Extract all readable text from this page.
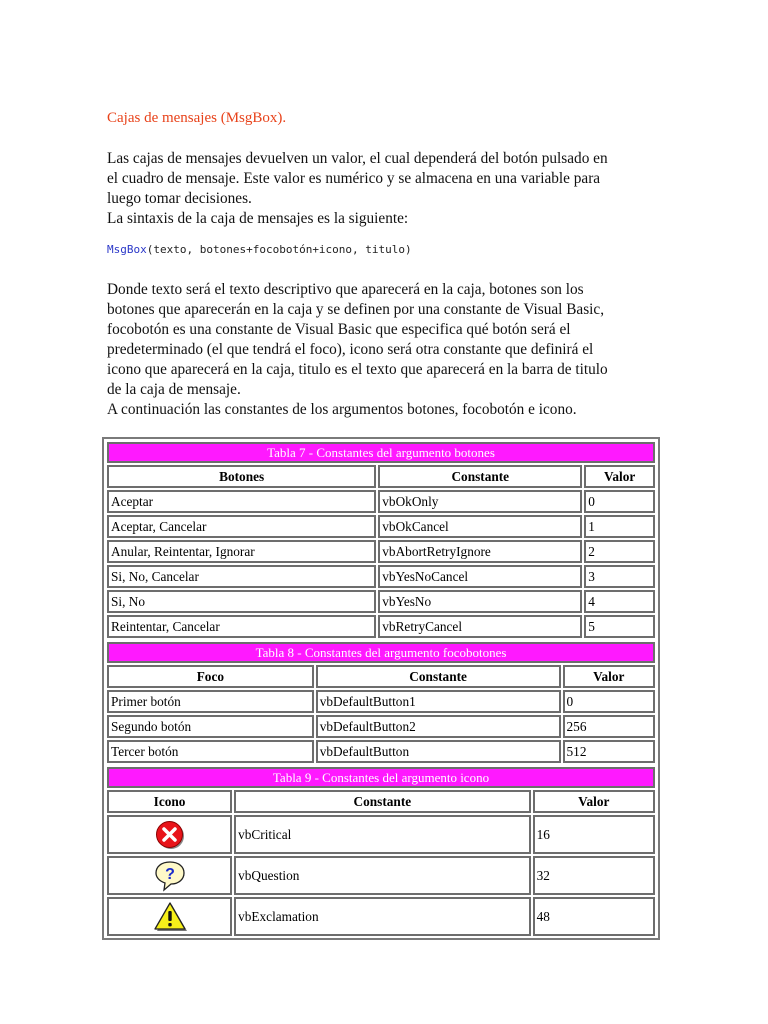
Cajas de mensajes (MsgBox).

Las cajas de mensajes devuelven un valor, el cual dependerá del botón pulsado en
el cuadro de mensaje. Este valor es numérico y se almacena en una variable para
luego tomar decisiones.
La sintaxis de la caja de mensajes es la siguiente:

MsgBox(texto, botones+focobotón+icono, titulo)

Donde texto será el texto descriptivo que aparecerá en la caja, botones son los
botones que aparecerán en la caja y se definen por una constante de Visual Basic,
focobotón es una constante de Visual Basic que especifica qué botón será el
predeterminado (el que tendrá el foco), icono será otra constante que definirá el
icono que aparecerá en la caja, titulo es el texto que aparecerá en la barra de titulo
de la caja de mensaje.
A continuación las constantes de los argumentos botones, focobotón e icono.

Tabla 7 - Constantes del argumento botones		
Botones	Constante	Valor
Aceptar	vbOkOnly	0
Aceptar, Cancelar	vbOkCancel	1
Anular, Reintentar, Ignorar	vbAbortRetryIgnore	2
Si, No, Cancelar	vbYesNoCancel	3
Si, No	vbYesNo	4
Reintentar, Cancelar	vbRetryCancel	5
Tabla 8 - Constantes del argumento focobotones		
Foco	Constante	Valor
Primer botón	vbDefaultButton1	0
Segundo botón	vbDefaultButton2	256
Tercer botón	vbDefaultButton	512
Tabla 9 - Constantes del argumento icono		
Icono	Constante	Valor

	vbCritical	16

?	vbQuestion	32

	vbExclamation	48
